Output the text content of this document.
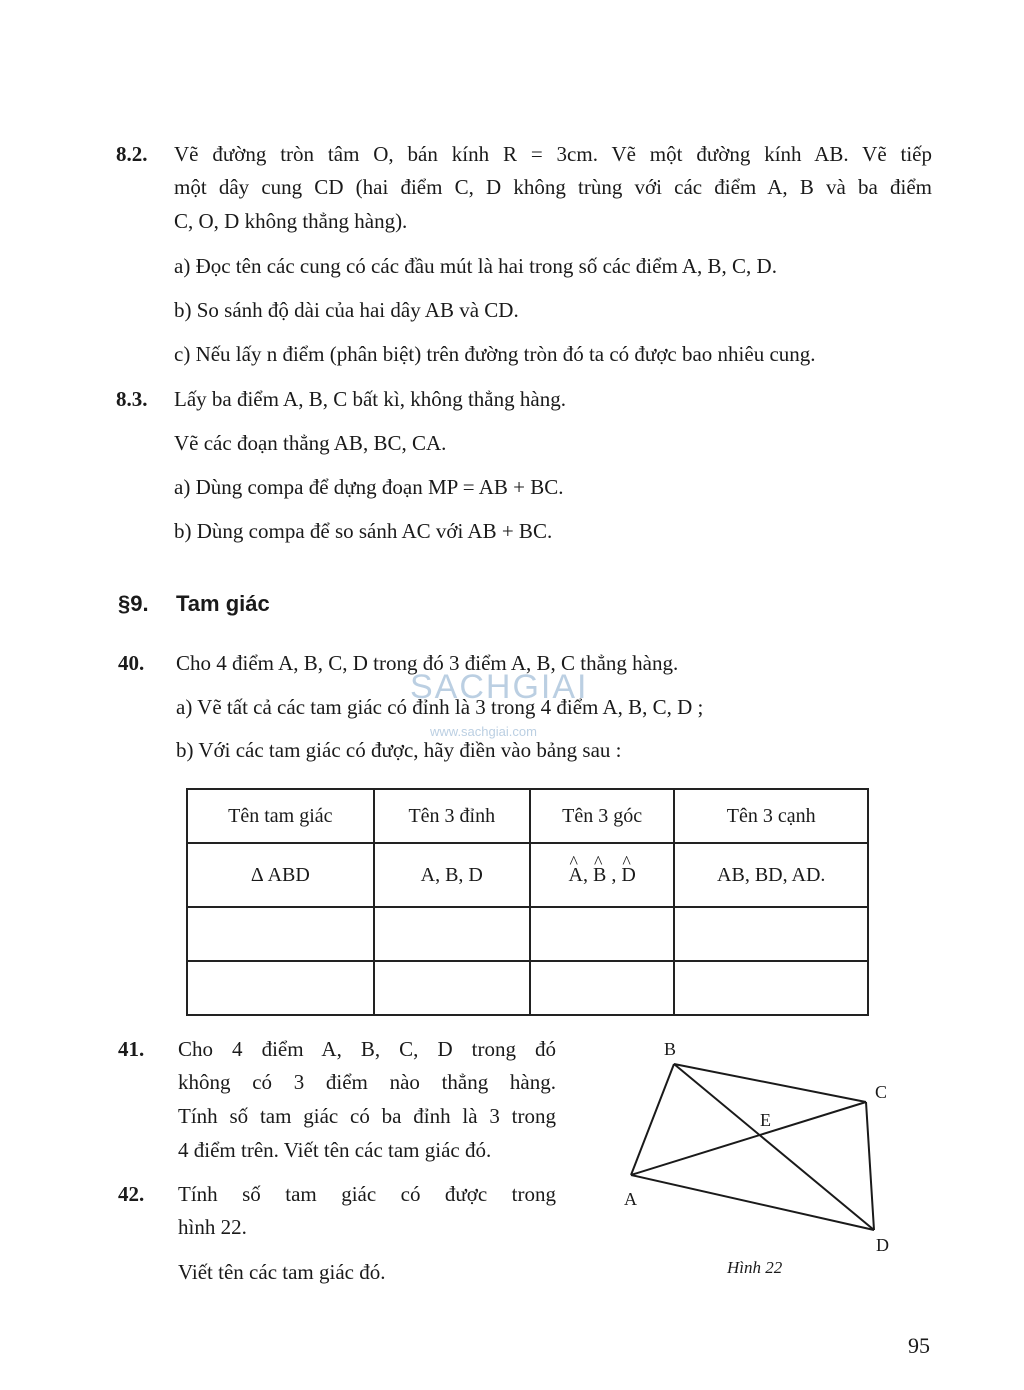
8.2. Vẽ đường tròn tâm O, bán kính R = 3cm. Vẽ một đường kính AB. Vẽ tiếp
một dây cung CD (hai điểm C, D không trùng với các điểm A, B và ba điểm
C, O, D không thẳng hàng).
a) Đọc tên các cung có các đầu mút là hai trong số các điểm A, B, C, D.
b) So sánh độ dài của hai dây AB và CD.
c) Nếu lấy n điểm (phân biệt) trên đường tròn đó ta có được bao nhiêu cung.
8.3. Lấy ba điểm A, B, C bất kì, không thẳng hàng.
Vẽ các đoạn thẳng AB, BC, CA.
a) Dùng compa để dựng đoạn MP = AB + BC.
b) Dùng compa để so sánh AC với AB + BC.
§9. Tam giác
SACHGIAI
www.sachgiai.com
40. Cho 4 điểm A, B, C, D trong đó 3 điểm A, B, C thẳng hàng.
a) Vẽ tất cả các tam giác có đỉnh là 3 trong 4 điểm A, B, C, D ;
b) Với các tam giác có được, hãy điền vào bảng sau :
Tên tam giác	Tên 3 đỉnh	Tên 3 góc	Tên 3 cạnh
Δ ABD	A, B, D	^ A, ^ B , ^ D	AB, BD, AD.

41. Cho 4 điểm A, B, C, D trong đó
không có 3 điểm nào thẳng hàng.
Tính số tam giác có ba đỉnh là 3 trong
4 điểm trên. Viết tên các tam giác đó.
42. Tính số tam giác có được trong
hình 22.
Viết tên các tam giác đó.
B
C
E
A
D
Hình 22
95
